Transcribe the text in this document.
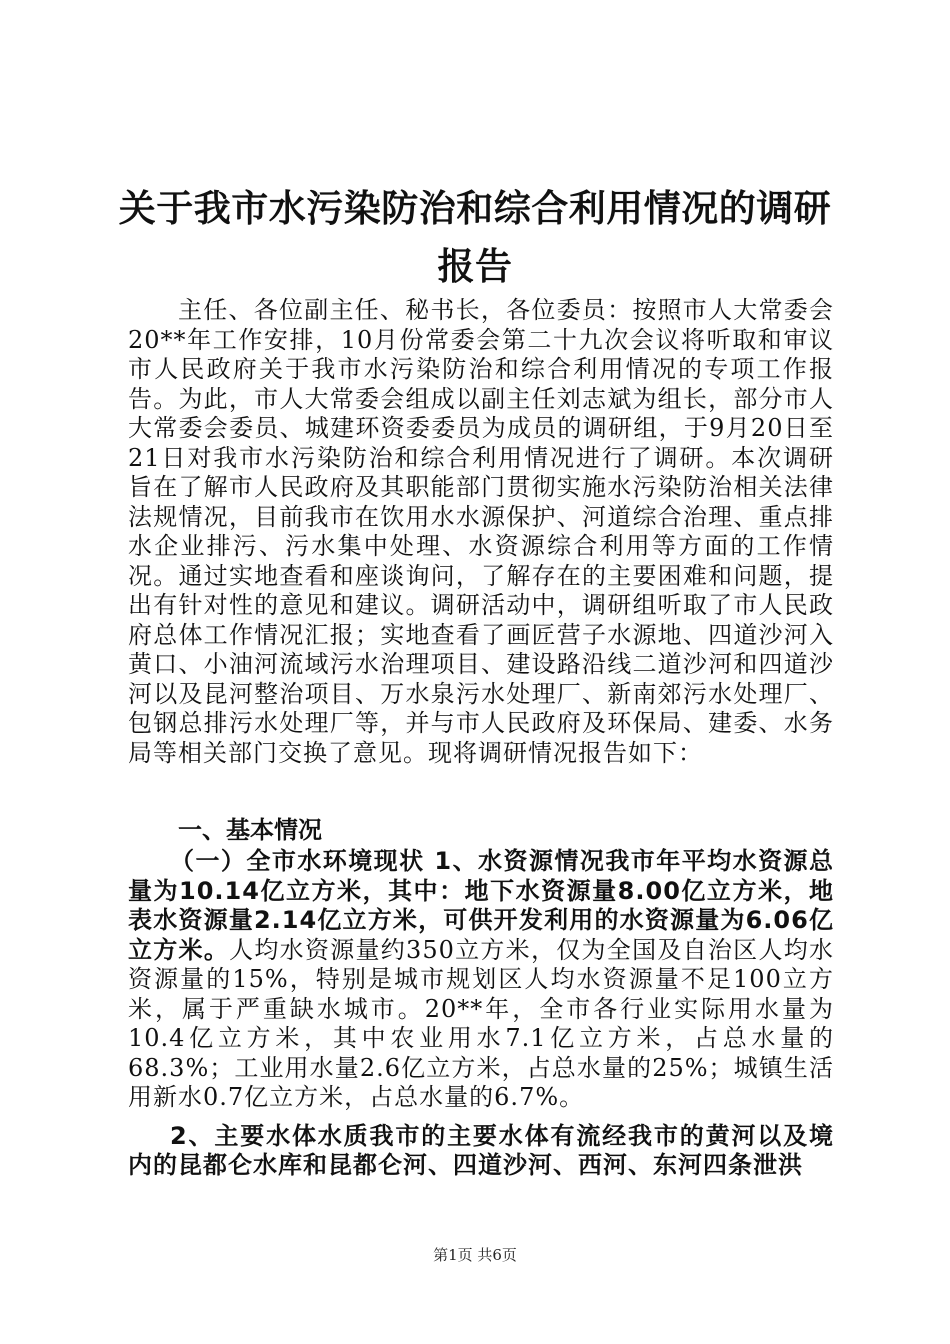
关于我市水污染防治和综合利用情况的调研报告

主任、各位副主任、秘书长，各位委员：按照市人大常委会20**年工作安排，10月份常委会第二十九次会议将听取和审议市人民政府关于我市水污染防治和综合利用情况的专项工作报告。为此，市人大常委会组成以副主任刘志斌为组长，部分市人大常委会委员、城建环资委委员为成员的调研组，于9月20日至21日对我市水污染防治和综合利用情况进行了调研。本次调研旨在了解市人民政府及其职能部门贯彻实施水污染防治相关法律法规情况，目前我市在饮用水水源保护、河道综合治理、重点排水企业排污、污水集中处理、水资源综合利用等方面的工作情况。通过实地查看和座谈询问，了解存在的主要困难和问题，提出有针对性的意见和建议。调研活动中，调研组听取了市人民政府总体工作情况汇报；实地查看了画匠营子水源地、四道沙河入黄口、小油河流域污水治理项目、建设路沿线二道沙河和四道沙河以及昆河整治项目、万水泉污水处理厂、新南郊污水处理厂、包钢总排污水处理厂等，并与市人民政府及环保局、建委、水务局等相关部门交换了意见。现将调研情况报告如下：

一、基本情况

（一）全市水环境现状 1、水资源情况我市年平均水资源总量为10.14亿立方米，其中：地下水资源量8.00亿立方米，地表水资源量2.14亿立方米，可供开发利用的水资源量为6.06亿立方米。人均水资源量约350立方米，仅为全国及自治区人均水资源量的15%，特别是城市规划区人均水资源量不足100立方米，属于严重缺水城市。20**年，全市各行业实际用水量为10.4亿立方米，其中农业用水7.1亿立方米，占总水量的68.3%；工业用水量2.6亿立方米，占总水量的25%；城镇生活用新水0.7亿立方米，占总水量的6.7%。

2、主要水体水质我市的主要水体有流经我市的黄河以及境内的昆都仑水库和昆都仑河、四道沙河、西河、东河四条泄洪

第1页 共6页
